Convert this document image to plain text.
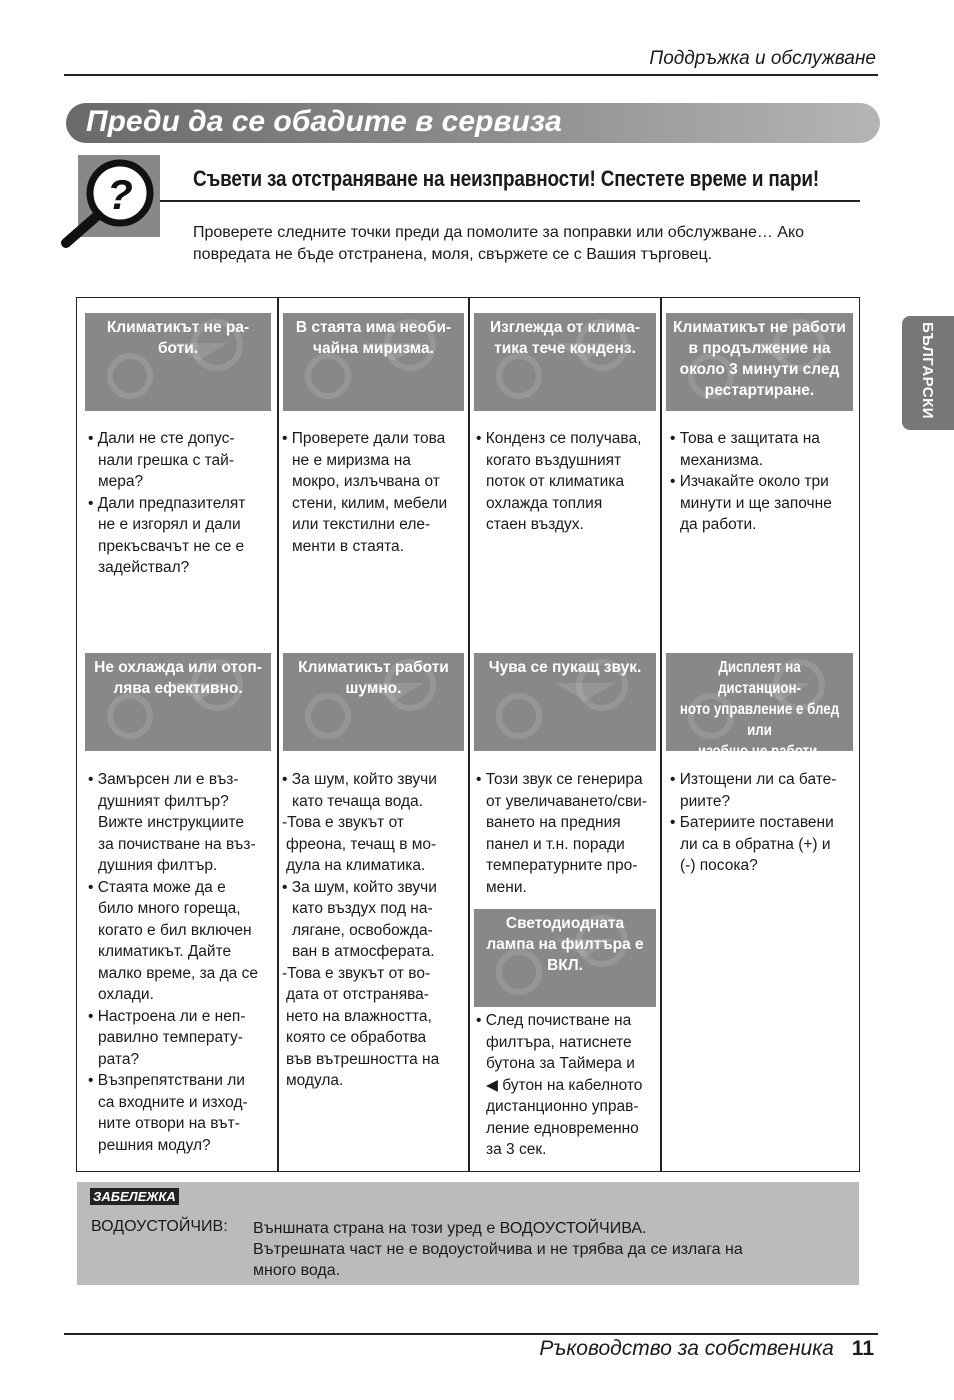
Поддръжка и обслужване
Преди да се обадите в сервиза
?	Съвети за отстраняване на неизправности! Спестете време и пари!
Проверете следните точки преди да помолите за поправки или обслужване… Ако повредата не бъде отстранена, моля, свържете се с Вашия търговец.
БЪЛГАРСКИ
Климатикът не ра-
боти.
• Дали не сте допус-
нали грешка с тай-
мера?
• Дали предпазителят
не е изгорял и дали
прекъсвачът не се е
задействал?
В стаята има необи-
чайна миризма.
• Проверете дали това
не е миризма на
мокро, излъчвана от
стени, килим, мебели
или текстилни еле-
менти в стаята.
Изглежда от клима-
тика тече конденз.
• Конденз се получава,
когато въздушният
поток от климатика
охлажда топлия
стаен въздух.
Климатикът не работи
в продължение на
около 3 минути след
рестартиране.
• Това е защитата на
механизма.
• Изчакайте около три
минути и ще започне
да работи.
Не охлажда или отоп-
лява ефективно.
• Замърсен ли е въз-
душният филтър?
Вижте инструкциите
за почистване на въз-
душния филтър.
• Стаята може да е
било много гореща,
когато е бил включен
климатикът. Дайте
малко време, за да се
охлади.
• Настроена ли е неп-
равилно температу-
рата?
• Възпрепятствани ли
са входните и изход-
ните отвори на вът-
решния модул?
Климатикът работи
шумно.
• За шум, който звучи
като течаща вода.
-Това е звукът от
фреона, течащ в мо-
дула на климатика.
• За шум, който звучи
като въздух под на-
лягане, освобожда-
ван в атмосферата.
-Това е звукът от во-
дата от отстранява-
нето на влажността,
която се обработва
във вътрешността на
модула.
Чува се пукащ звук.
• Този звук се генерира
от увеличаването/сви-
ването на предния
панел и т.н. поради
температурните про-
мени.
Светодиодната
лампа на филтъра е
ВКЛ.
• След почистване на
филтъра, натиснете
бутона за Таймера и
◀ бутон на кабелното
дистанционно управ-
ление едновременно
за 3 сек.
Дисплеят на дистанцион-
ното управление е блед или
изобщо не работи.
• Изтощени ли са бате-
риите?
• Батериите поставени
ли са в обратна (+) и
(-) посока?
ЗАБЕЛЕЖКА
ВОДОУСТОЙЧИВ: Външната страна на този уред е ВОДОУСТОЙЧИВА.
Вътрешната част не е водоустойчива и не трябва да се излага на
много вода.
Ръководство за собственика 11
